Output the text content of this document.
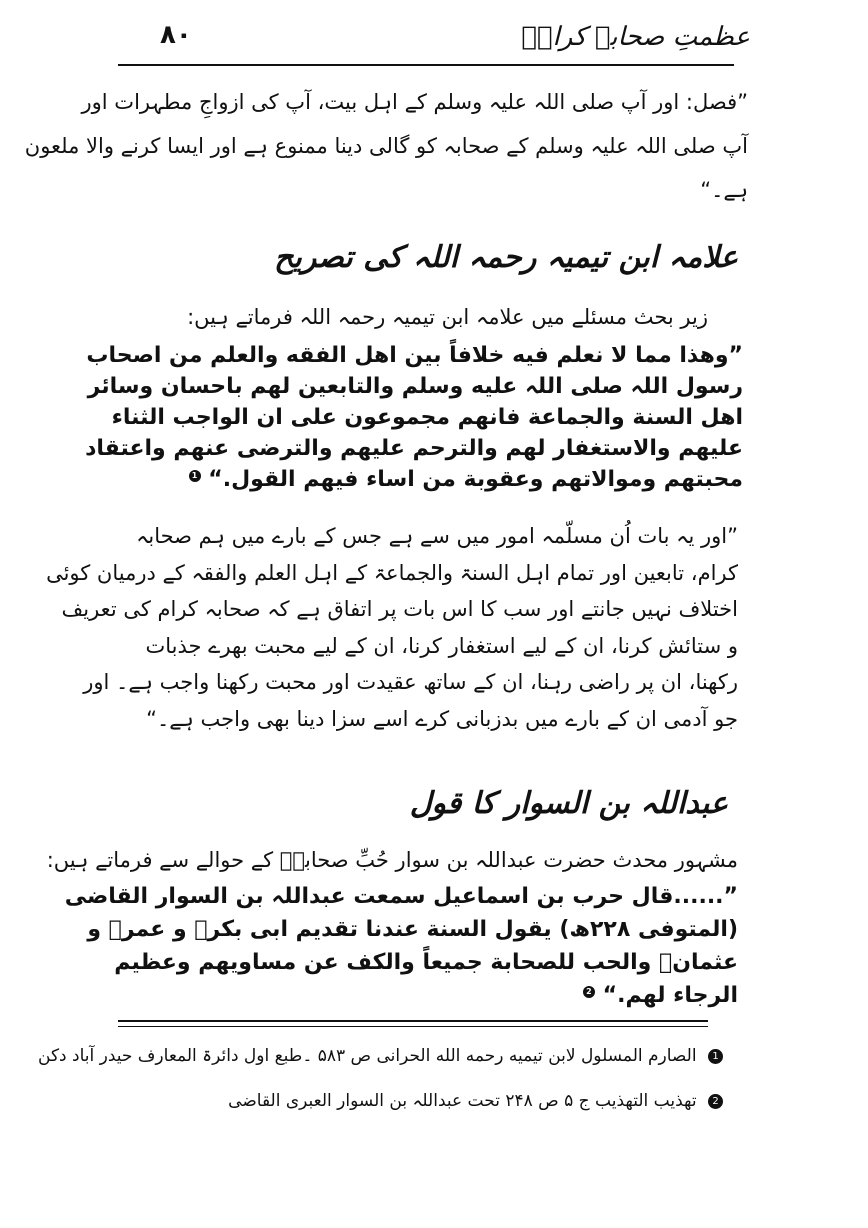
عظمتِ صحابہ کرامؓ
۸۰
”فصل: اور آپ صلی اللہ علیہ وسلم کے اہل بیت، آپ کی ازواجِ مطہرات اور
آپ صلی اللہ علیہ وسلم کے صحابہ کو گالی دینا ممنوع ہے اور ایسا کرنے والا ملعون
ہے۔“
علامہ ابن تیمیہ رحمہ اللہ کی تصریح
زیر بحث مسئلے میں علامہ ابن تیمیہ رحمہ اللہ فرماتے ہیں:
”وھذا مما لا نعلم فیه خلافاً بین اھل الفقه والعلم من اصحاب
رسول اللہ صلی اللہ علیه وسلم والتابعین لھم باحسان وسائر
اھل السنة والجماعة فانھم مجموعون علی ان الواجب الثناء
علیھم والاستغفار لھم والترحم علیھم والترضی عنھم واعتقاد
محبتھم وموالاتھم وعقوبة من اساء فیھم القول.“ 1
”اور یہ بات اُن مسلّمہ امور میں سے ہے جس کے بارے میں ہم صحابہ
کرام، تابعین اور تمام اہل السنۃ والجماعۃ کے اہل العلم والفقہ کے درمیان کوئی
اختلاف نہیں جانتے اور سب کا اس بات پر اتفاق ہے کہ صحابہ کرام کی تعریف
و ستائش کرنا، ان کے لیے استغفار کرنا، ان کے لیے محبت بھرے جذبات
رکھنا، ان پر راضی رہنا، ان کے ساتھ عقیدت اور محبت رکھنا واجب ہے۔ اور
جو آدمی ان کے بارے میں بدزبانی کرے اسے سزا دینا بھی واجب ہے۔“
عبداللہ بن السوار کا قول
مشہور محدث حضرت عبداللہ بن سوار حُبِّ صحابہؓ کے حوالے سے فرماتے ہیں:
”......قال حرب بن اسماعیل سمعت عبداللہ بن السوار القاضی
(المتوفی ۲۲۸ھ) یقول السنة عندنا تقدیم ابی بکرؓ و عمرؓ و
عثمانؓ والحب للصحابة جمیعاً والکف عن مساویھم وعظیم
الرجاء لھم.“ 2
1 الصارم المسلول لابن تیمیه رحمه الله الحرانی ص ۵۸۳ ۔طبع اول دائرۃ المعارف حیدر آباد دکن
2 تھذیب التھذیب ج ۵ ص ۲۴۸ تحت عبداللہ بن السوار العبری القاضی
